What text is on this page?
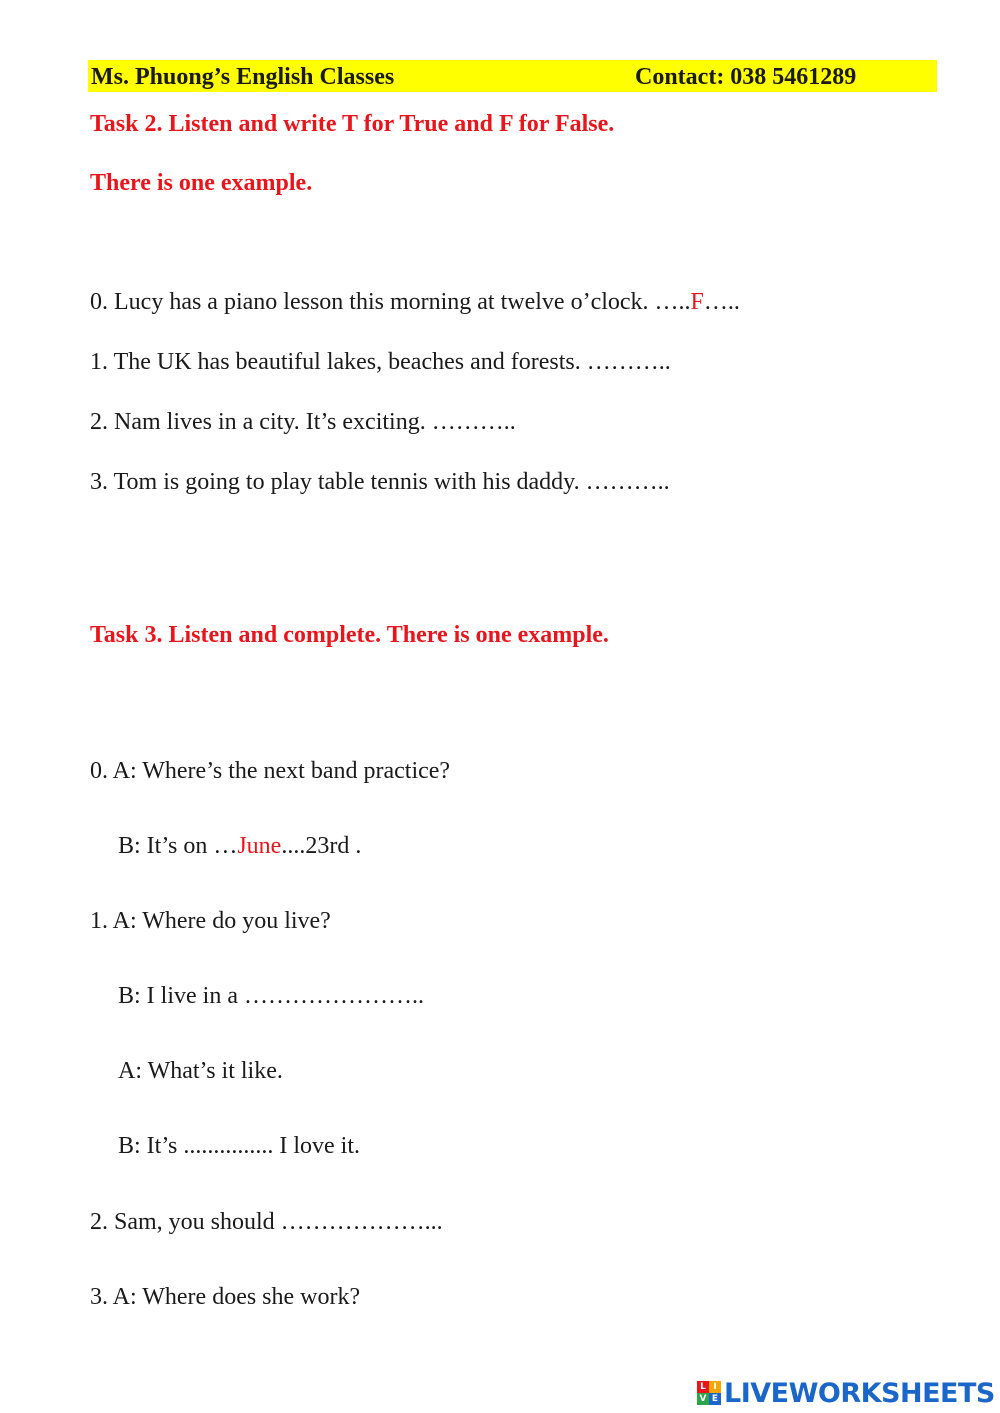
Ms. Phuong’s English Classes	Contact: 038 5461289
Task 2. Listen and write T for True and F for False.
There is one example.
0. Lucy has a piano lesson this morning at twelve o’clock. …..F…..
1. The UK has beautiful lakes, beaches and forests. ………..
2. Nam lives in a city. It’s exciting. ………..
3. Tom is going to play table tennis with his daddy. ………..
Task 3. Listen and complete. There is one example.
0. A: Where’s the next band practice?
B: It’s on …June....23rd .
1. A: Where do you live?
B: I live in a …………………..
A: What’s it like.
B: It’s ............... I love it.
2. Sam, you should ………………...
3. A: Where does she work?
L I
V E LIVEWORKSHEETS
